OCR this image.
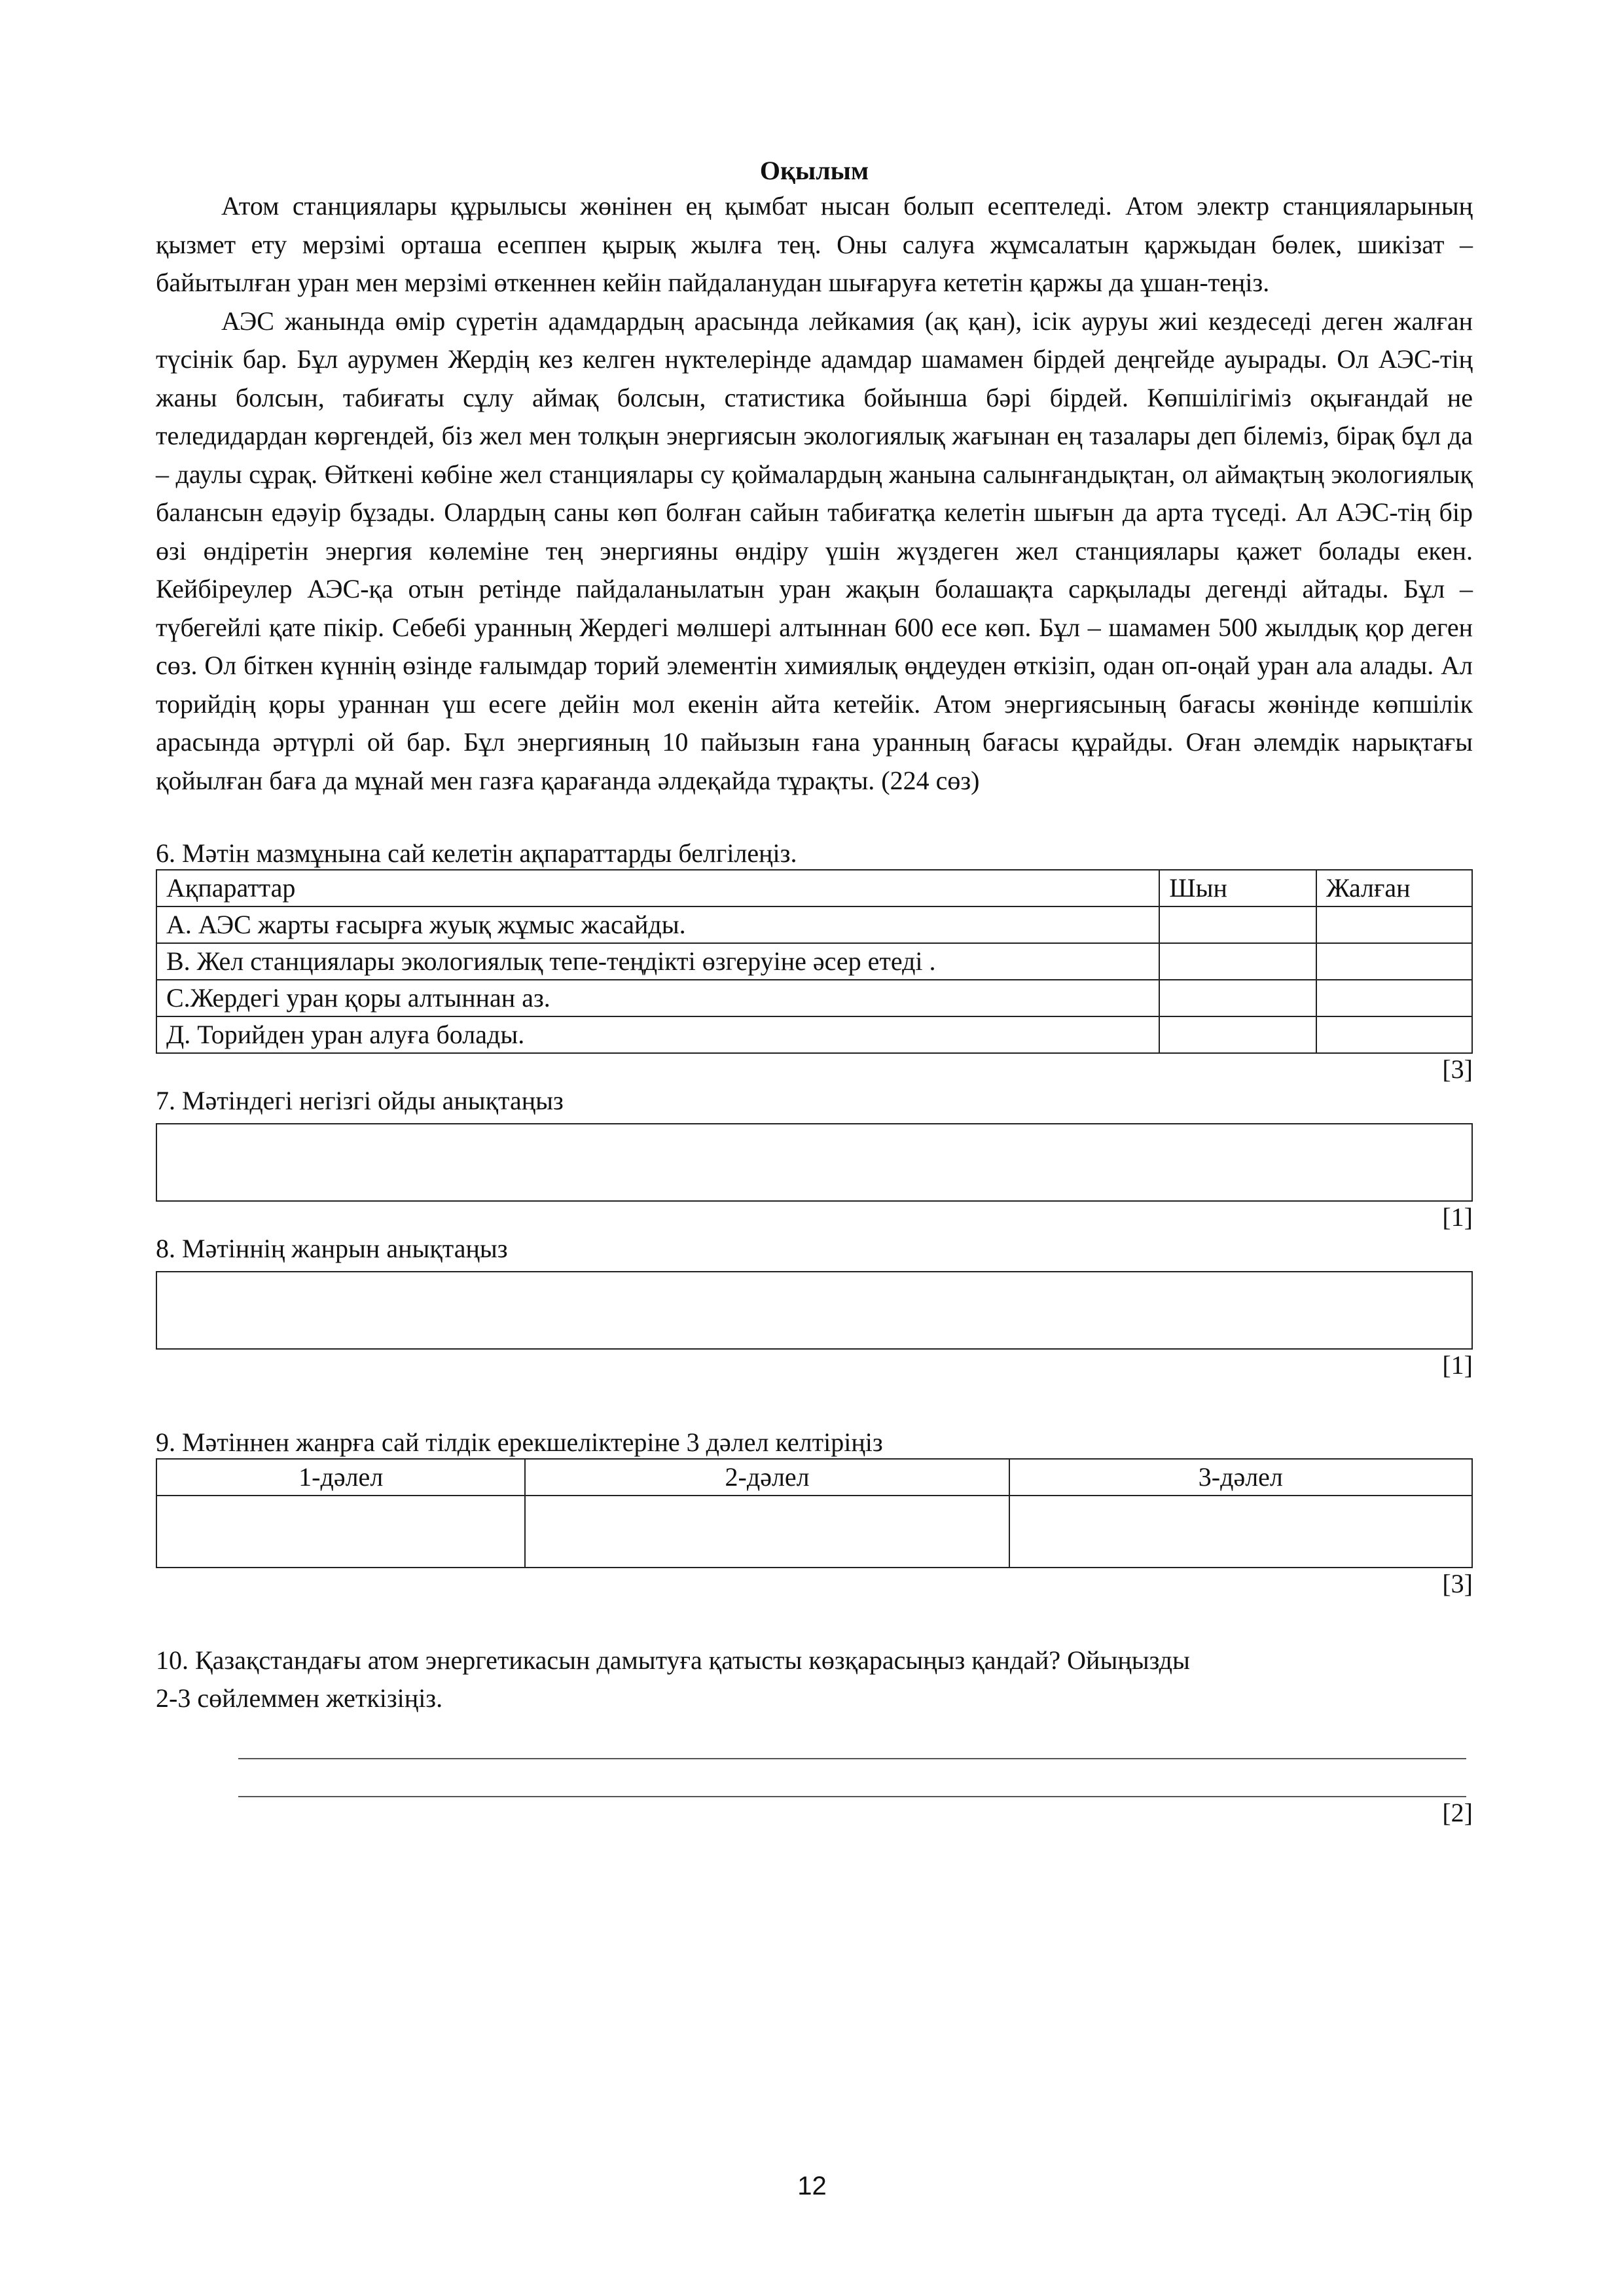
Оқылым

Атом станциялары құрылысы жөнінен ең қымбат нысан болып есептеледі. Атом электр станцияларының қызмет ету мерзімі орташа есеппен қырық жылға тең. Оны салуға жұмсалатын қаржыдан бөлек, шикізат – байытылған уран мен мерзімі өткеннен кейін пайдаланудан шығаруға кететін қаржы да ұшан-теңіз.

АЭС жанында өмір сүретін адамдардың арасында лейкамия (ақ қан), ісік ауруы жиі кездеседі деген жалған түсінік бар. Бұл аурумен Жердің кез келген нүктелерінде адамдар шамамен бірдей деңгейде ауырады. Ол АЭС-тің жаны болсын, табиғаты сұлу аймақ болсын, статистика бойынша бәрі бірдей. Көпшілігіміз оқығандай не теледидардан көргендей, біз жел мен толқын энергиясын экологиялық жағынан ең тазалары деп білеміз, бірақ бұл да – даулы сұрақ. Өйткені көбіне жел станциялары су қоймалардың жанына салынғандықтан, ол аймақтың экологиялық балансын едәуір бұзады. Олардың саны көп болған сайын табиғатқа келетін шығын да арта түседі. Ал АЭС-тің бір өзі өндіретін энергия көлеміне тең энергияны өндіру үшін жүздеген жел станциялары қажет болады екен. Кейбіреулер АЭС-қа отын ретінде пайдаланылатын уран жақын болашақта сарқылады дегенді айтады. Бұл – түбегейлі қате пікір. Себебі уранның Жердегі мөлшері алтыннан 600 есе көп. Бұл – шамамен 500 жылдық қор деген сөз. Ол біткен күннің өзінде ғалымдар торий элементін химиялық өңдеуден өткізіп, одан оп-оңай уран ала алады. Ал торийдің қоры ураннан үш есеге дейін мол екенін айта кетейік. Атом энергиясының бағасы жөнінде көпшілік арасында әртүрлі ой бар. Бұл энергияның 10 пайызын ғана уранның бағасы құрайды. Оған әлемдік нарықтағы қойылған баға да мұнай мен газға қарағанда әлдеқайда тұрақты. (224 сөз)

6. Мәтін мазмұнына сай келетін ақпараттарды белгілеңіз.

Ақпараттар	Шын	Жалған
А. АЭС жарты ғасырға жуық жұмыс жасайды.		
В. Жел станциялары экологиялық тепе-теңдікті өзгеруіне әсер етеді .		
С.Жердегі уран қоры алтыннан аз.		
Д. Торийден уран алуға болады.		

[3]

7. Мәтіндегі негізгі ойды анықтаңыз

[1]

8. Мәтіннің жанрын анықтаңыз

[1]

9. Мәтіннен жанрға сай тілдік ерекшеліктеріне 3 дәлел келтіріңіз

1-дәлел	2-дәлел	3-дәлел

[3]

10. Қазақстандағы атом энергетикасын дамытуға қатысты көзқарасыңыз қандай? Ойыңызды

2-3 сөйлеммен жеткізіңіз.

[2]

12
